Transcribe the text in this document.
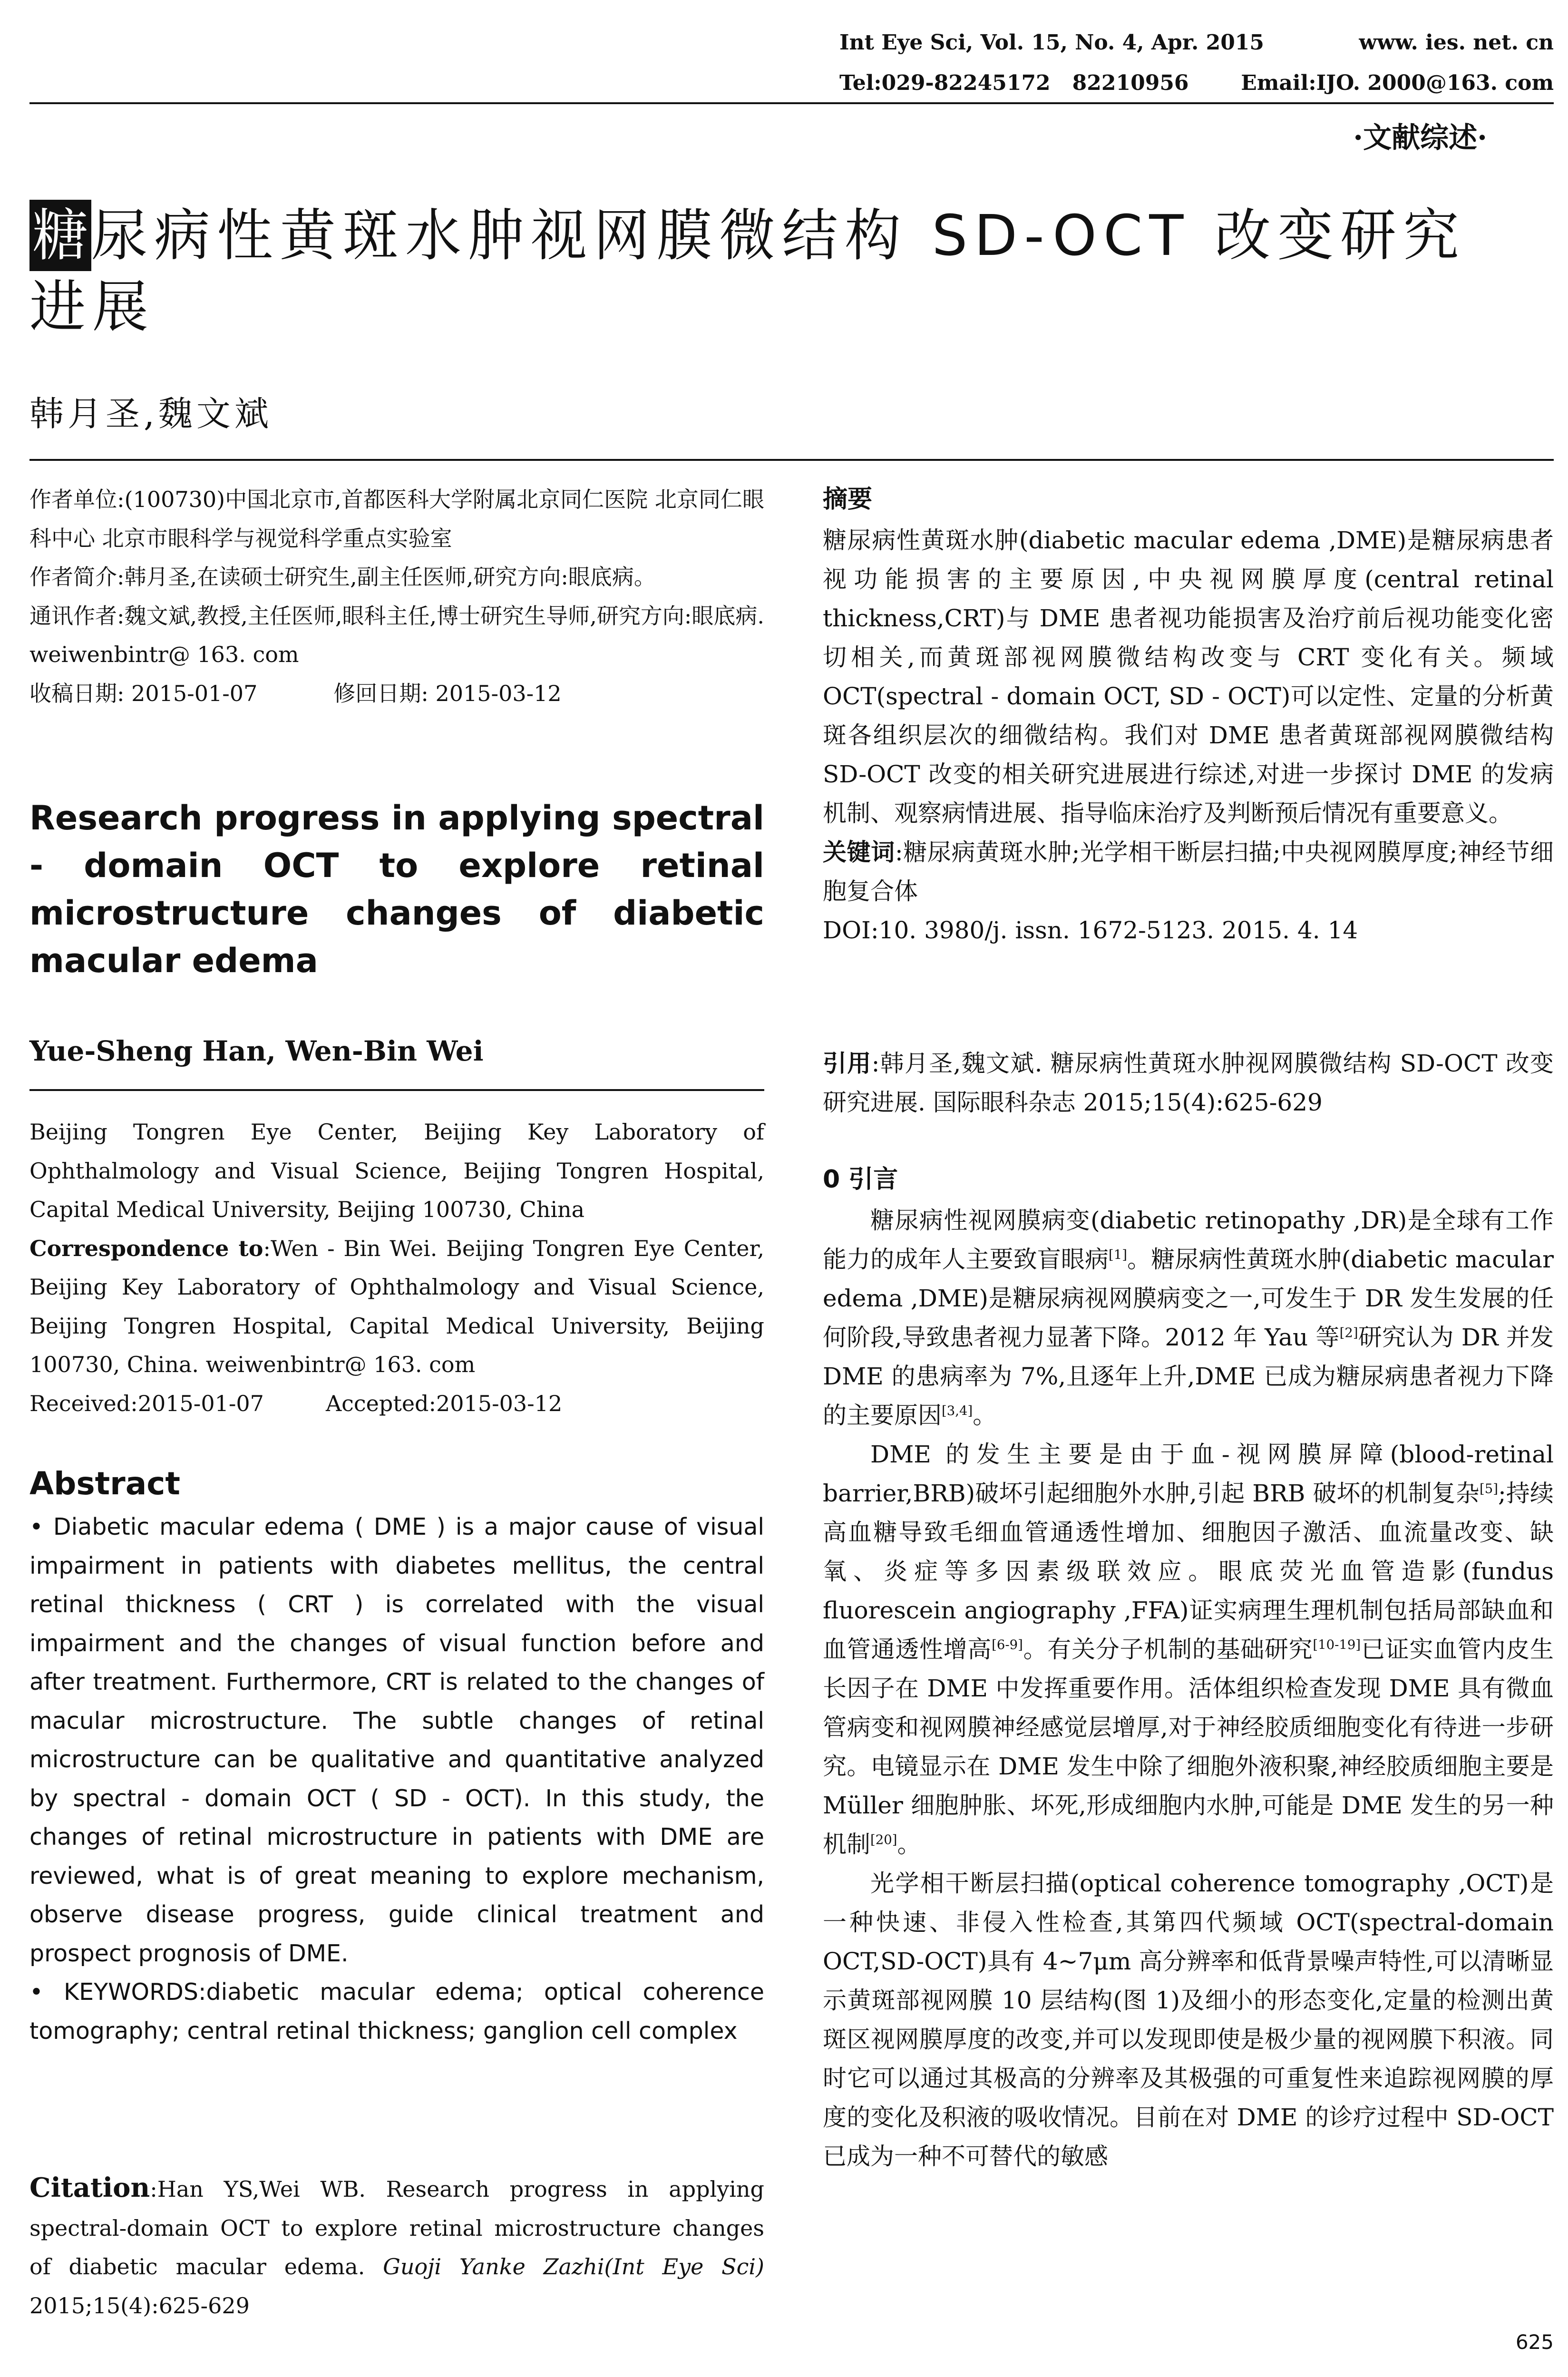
Int Eye Sci, Vol. 15, No. 4, Apr. 2015	www. ies. net. cn
Tel:029-82245172   82210956 Email:IJO. 2000@163. com
·文献综述·
糖尿病性黄斑水肿视网膜微结构 SD-OCT 改变研究
进展
韩月圣,魏文斌

作者单位:(100730)中国北京市,首都医科大学附属北京同仁医院 北京同仁眼科中心 北京市眼科学与视觉科学重点实验室

作者简介:韩月圣,在读硕士研究生,副主任医师,研究方向:眼底病。

通讯作者:魏文斌,教授,主任医师,眼科主任,博士研究生导师,研究方向:眼底病. weiwenbintr@ 163. com

收稿日期: 2015-01-07	修回日期: 2015-03-12

Research progress in applying spectral - domain OCT to explore retinal microstructure changes of diabetic macular edema
Yue-Sheng Han, Wen-Bin Wei

Beijing Tongren Eye Center, Beijing Key Laboratory of Ophthalmology and Visual Science, Beijing Tongren Hospital, Capital Medical University, Beijing 100730, China

Correspondence to:Wen - Bin Wei. Beijing Tongren Eye Center, Beijing Key Laboratory of Ophthalmology and Visual Science, Beijing Tongren Hospital, Capital Medical University, Beijing 100730, China. weiwenbintr@ 163. com

Received:2015-01-07	Accepted:2015-03-12

Abstract

• Diabetic macular edema ( DME ) is a major cause of visual impairment in patients with diabetes mellitus, the central retinal thickness ( CRT ) is correlated with the visual impairment and the changes of visual function before and after treatment. Furthermore, CRT is related to the changes of macular microstructure. The subtle changes of retinal microstructure can be qualitative and quantitative analyzed by spectral - domain OCT ( SD - OCT). In this study, the changes of retinal microstructure in patients with DME are reviewed, what is of great meaning to explore mechanism, observe disease progress, guide clinical treatment and prospect prognosis of DME.

• KEYWORDS:diabetic macular edema; optical coherence tomography; central retinal thickness; ganglion cell complex

Citation:Han YS,Wei WB. Research progress in applying spectral-domain OCT to explore retinal microstructure changes of diabetic macular edema. Guoji Yanke Zazhi(Int Eye Sci) 2015;15(4):625-629

摘要

糖尿病性黄斑水肿(diabetic macular edema ,DME)是糖尿病患者视功能损害的主要原因,中央视网膜厚度(central retinal thickness,CRT)与 DME 患者视功能损害及治疗前后视功能变化密切相关,而黄斑部视网膜微结构改变与 CRT 变化有关。频域 OCT(spectral - domain OCT, SD - OCT)可以定性、定量的分析黄斑各组织层次的细微结构。我们对 DME 患者黄斑部视网膜微结构 SD-OCT 改变的相关研究进展进行综述,对进一步探讨 DME 的发病机制、观察病情进展、指导临床治疗及判断预后情况有重要意义。

关键词:糖尿病黄斑水肿;光学相干断层扫描;中央视网膜厚度;神经节细胞复合体

DOI:10. 3980/j. issn. 1672-5123. 2015. 4. 14

引用:韩月圣,魏文斌. 糖尿病性黄斑水肿视网膜微结构 SD-OCT 改变研究进展. 国际眼科杂志 2015;15(4):625-629

0 引言

糖尿病性视网膜病变(diabetic retinopathy ,DR)是全球有工作能力的成年人主要致盲眼病[1]。糖尿病性黄斑水肿(diabetic macular edema ,DME)是糖尿病视网膜病变之一,可发生于 DR 发生发展的任何阶段,导致患者视力显著下降。2012 年 Yau 等[2]研究认为 DR 并发 DME 的患病率为 7%,且逐年上升,DME 已成为糖尿病患者视力下降的主要原因[3,4]。

DME 的发生主要是由于血-视网膜屏障(blood-retinal barrier,BRB)破坏引起细胞外水肿,引起 BRB 破坏的机制复杂[5];持续高血糖导致毛细血管通透性增加、细胞因子激活、血流量改变、缺氧、炎症等多因素级联效应。眼底荧光血管造影(fundus fluorescein angiography ,FFA)证实病理生理机制包括局部缺血和血管通透性增高[6-9]。有关分子机制的基础研究[10-19]已证实血管内皮生长因子在 DME 中发挥重要作用。活体组织检查发现 DME 具有微血管病变和视网膜神经感觉层增厚,对于神经胶质细胞变化有待进一步研究。电镜显示在 DME 发生中除了细胞外液积聚,神经胶质细胞主要是 Müller 细胞肿胀、坏死,形成细胞内水肿,可能是 DME 发生的另一种机制[20]。

光学相干断层扫描(optical coherence tomography ,OCT)是一种快速、非侵入性检查,其第四代频域 OCT(spectral-domain OCT,SD-OCT)具有 4~7μm 高分辨率和低背景噪声特性,可以清晰显示黄斑部视网膜 10 层结构(图 1)及细小的形态变化,定量的检测出黄斑区视网膜厚度的改变,并可以发现即使是极少量的视网膜下积液。同时它可以通过其极高的分辨率及其极强的可重复性来追踪视网膜的厚度的变化及积液的吸收情况。目前在对 DME 的诊疗过程中 SD-OCT 已成为一种不可替代的敏感

625
